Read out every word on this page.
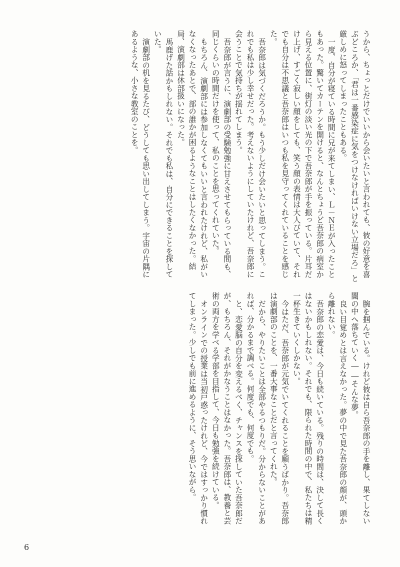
うから、ちょっとだけでいいから会いたいと言われても、彼の好意を喜ぶどころか、「君は一番感染症に気をつけなければいけない立場だろ」と厳しめに怒ってしまったこともある。

一度、自分が寝ている時間に兄が来てしまい、Ｌ－ＮＥが入ったこともあった。驚いてカーテンを開けると、なんとちょうど吾奈郎の病室から見える位置に、街灯の淡い光の下で吾奈郎が手を振っている。片耳だけ上げ、すごく寂しい顔をしても、笑う顔の表情は大人びていて、それでも自分は不思議と吾奈郎はいつも私を見守ってくれていることを感じた。

吾奈郎は気づくだろうか。もう少しだけ会いたいと思ってしまう。これでも私は少し幸せだった。考えないようにしていたけれど、吾奈郎に会うことで気持ちが揺れてしまう。

吾奈郎が言うに、演劇部の受験勉強に甘えさせてもらっている間も、同じくらいの時間だけを使って、私のことを思ってくれていた。

もちろん、演劇部には参加しなくてもいいと言われたけれど、私がいなくなったあとで、部の誰かが困るようなことはしたくなかった。結局、演劇部は休部扱いになった。

馬鹿げた話かもしれない。それでも私は、自分にできることを探していた。

演劇部の机を見るたび、どうしても思い出してしまう。宇宙の片隅にあるような、小さな教室のことを。

腕を掴んでいる。けれど彼は自ら吾奈郎の手を離し、果てしない闇の中へ落ちていく――そんな夢。

良い目覚めとは言えなかった。夢の中で見た吾奈郎の顔が、頭から離れない。

吾奈郎の恋愛は、今日も続いている。残りの時間は、決して長くはないかもしれない。それでも、限られた時間の中で、私たちは精一杯生きていくしかない。

今はただ、吾奈郎が元気でいてくれることを願うばかり。吾奈郎は演劇部のことを、一番大事なことだと言ってくれた。

だから、やりたいことは全部やるつもりだ。分からないことがあれば、分かるまで調べる。何度でも、何度でも。

と、恋愛脳の自分を変えるべく、チャンスを探していた吾奈郎だが、もちろん、それがかなうことはなかった。吾奈郎は、教養と芸術の両方を学べる学部を目指して、今日も勉強を続けている。

オンラインでの授業は当初戸惑ったけれど、今ではすっかり慣れてしまった。少しでも前に進めるように、そう思いながら。

6
